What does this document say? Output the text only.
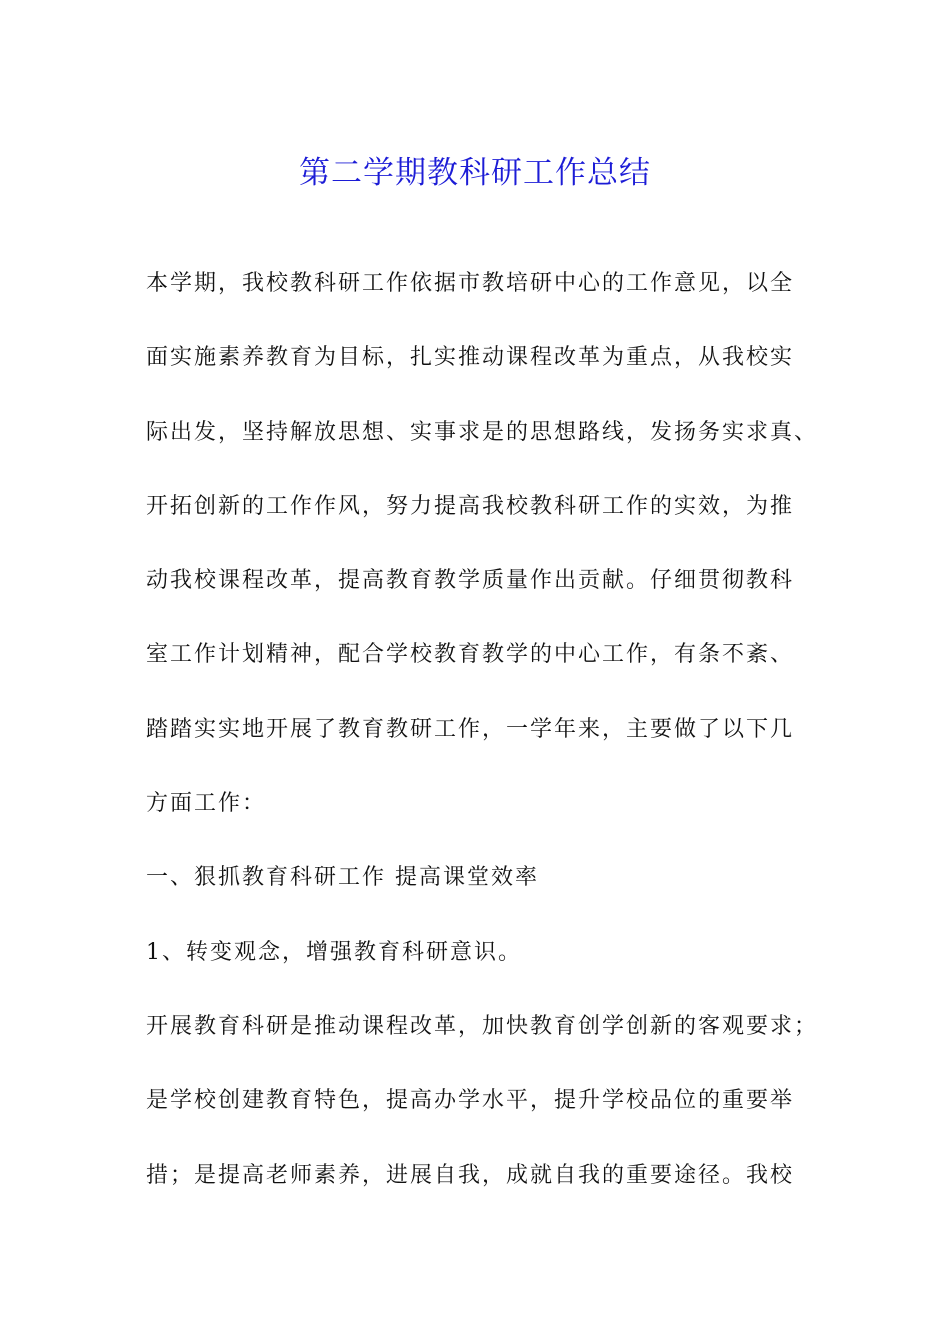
第二学期教科研工作总结
本学期，我校教科研工作依据市教培研中心的工作意见，以全
面实施素养教育为目标，扎实推动课程改革为重点，从我校实
际出发，坚持解放思想、实事求是的思想路线，发扬务实求真、
开拓创新的工作作风，努力提高我校教科研工作的实效，为推
动我校课程改革，提高教育教学质量作出贡献。仔细贯彻教科
室工作计划精神，配合学校教育教学的中心工作，有条不紊、
踏踏实实地开展了教育教研工作，一学年来，主要做了以下几
方面工作：
一、狠抓教育科研工作 提高课堂效率
1、转变观念，增强教育科研意识。
开展教育科研是推动课程改革，加快教育创学创新的客观要求；
是学校创建教育特色，提高办学水平，提升学校品位的重要举
措；是提高老师素养，进展自我，成就自我的重要途径。我校
